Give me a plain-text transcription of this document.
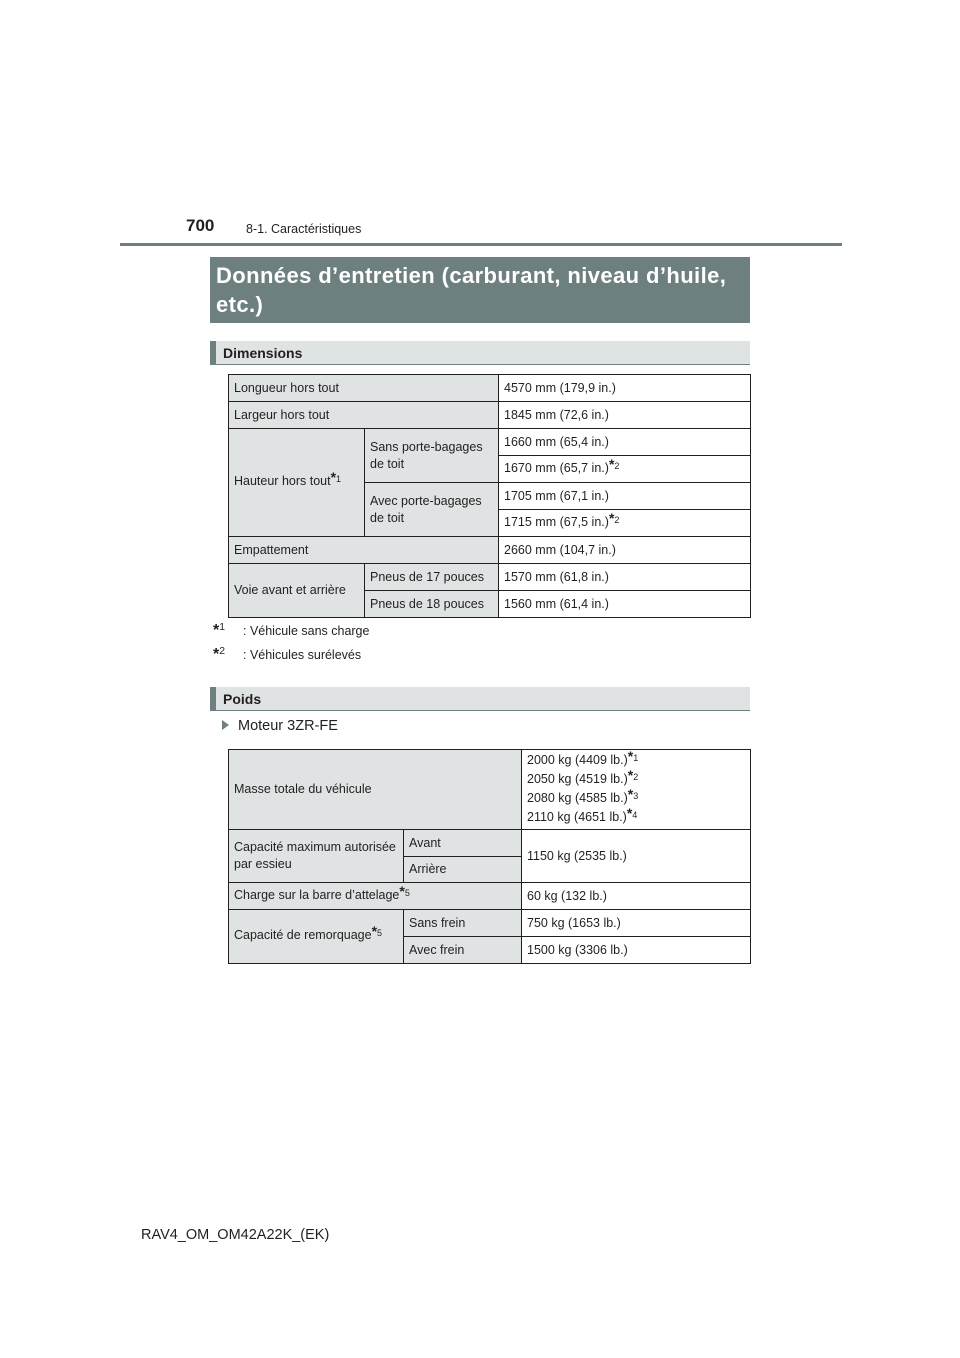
700	8-1. Caractéristiques
Données d’entretien (carburant, niveau d’huile, etc.)
Dimensions
Longueur hors tout		4570 mm (179,9 in.)
Largeur hors tout		1845 mm (72,6 in.)
Hauteur hors tout$^{*1}$	Sans porte-bagages de toit	1660 mm (65,4 in.)
		1670 mm (65,7 in.)$^{*2}$
	Avec porte-bagages de toit	1705 mm (67,1 in.)
		1715 mm (67,5 in.)$^{*2}$
Empattement		2660 mm (104,7 in.)
Voie avant et arrière	Pneus de 17 pouces	1570 mm (61,8 in.)
	Pneus de 18 pouces	1560 mm (61,4 in.)
*$^1$ : Véhicule sans charge
*$^2$ : Véhicules surélevés
Poids
Moteur 3ZR-FE
Masse totale du véhicule		2000 kg (4409 lb.)$^{*1}$
2050 kg (4519 lb.)$^{*2}$
2080 kg (4585 lb.)$^{*3}$
2110 kg (4651 lb.)$^{*4}$

Capacité maximum autorisée par essieu	Avant	1150 kg (2535 lb.)
	Arrière	
Charge sur la barre d’attelage$^{*5}$		60 kg (132 lb.)
Capacité de remorquage$^{*5}$	Sans frein	750 kg (1653 lb.)
	Avec frein	1500 kg (3306 lb.)
RAV4_OM_OM42A22K_(EK)
